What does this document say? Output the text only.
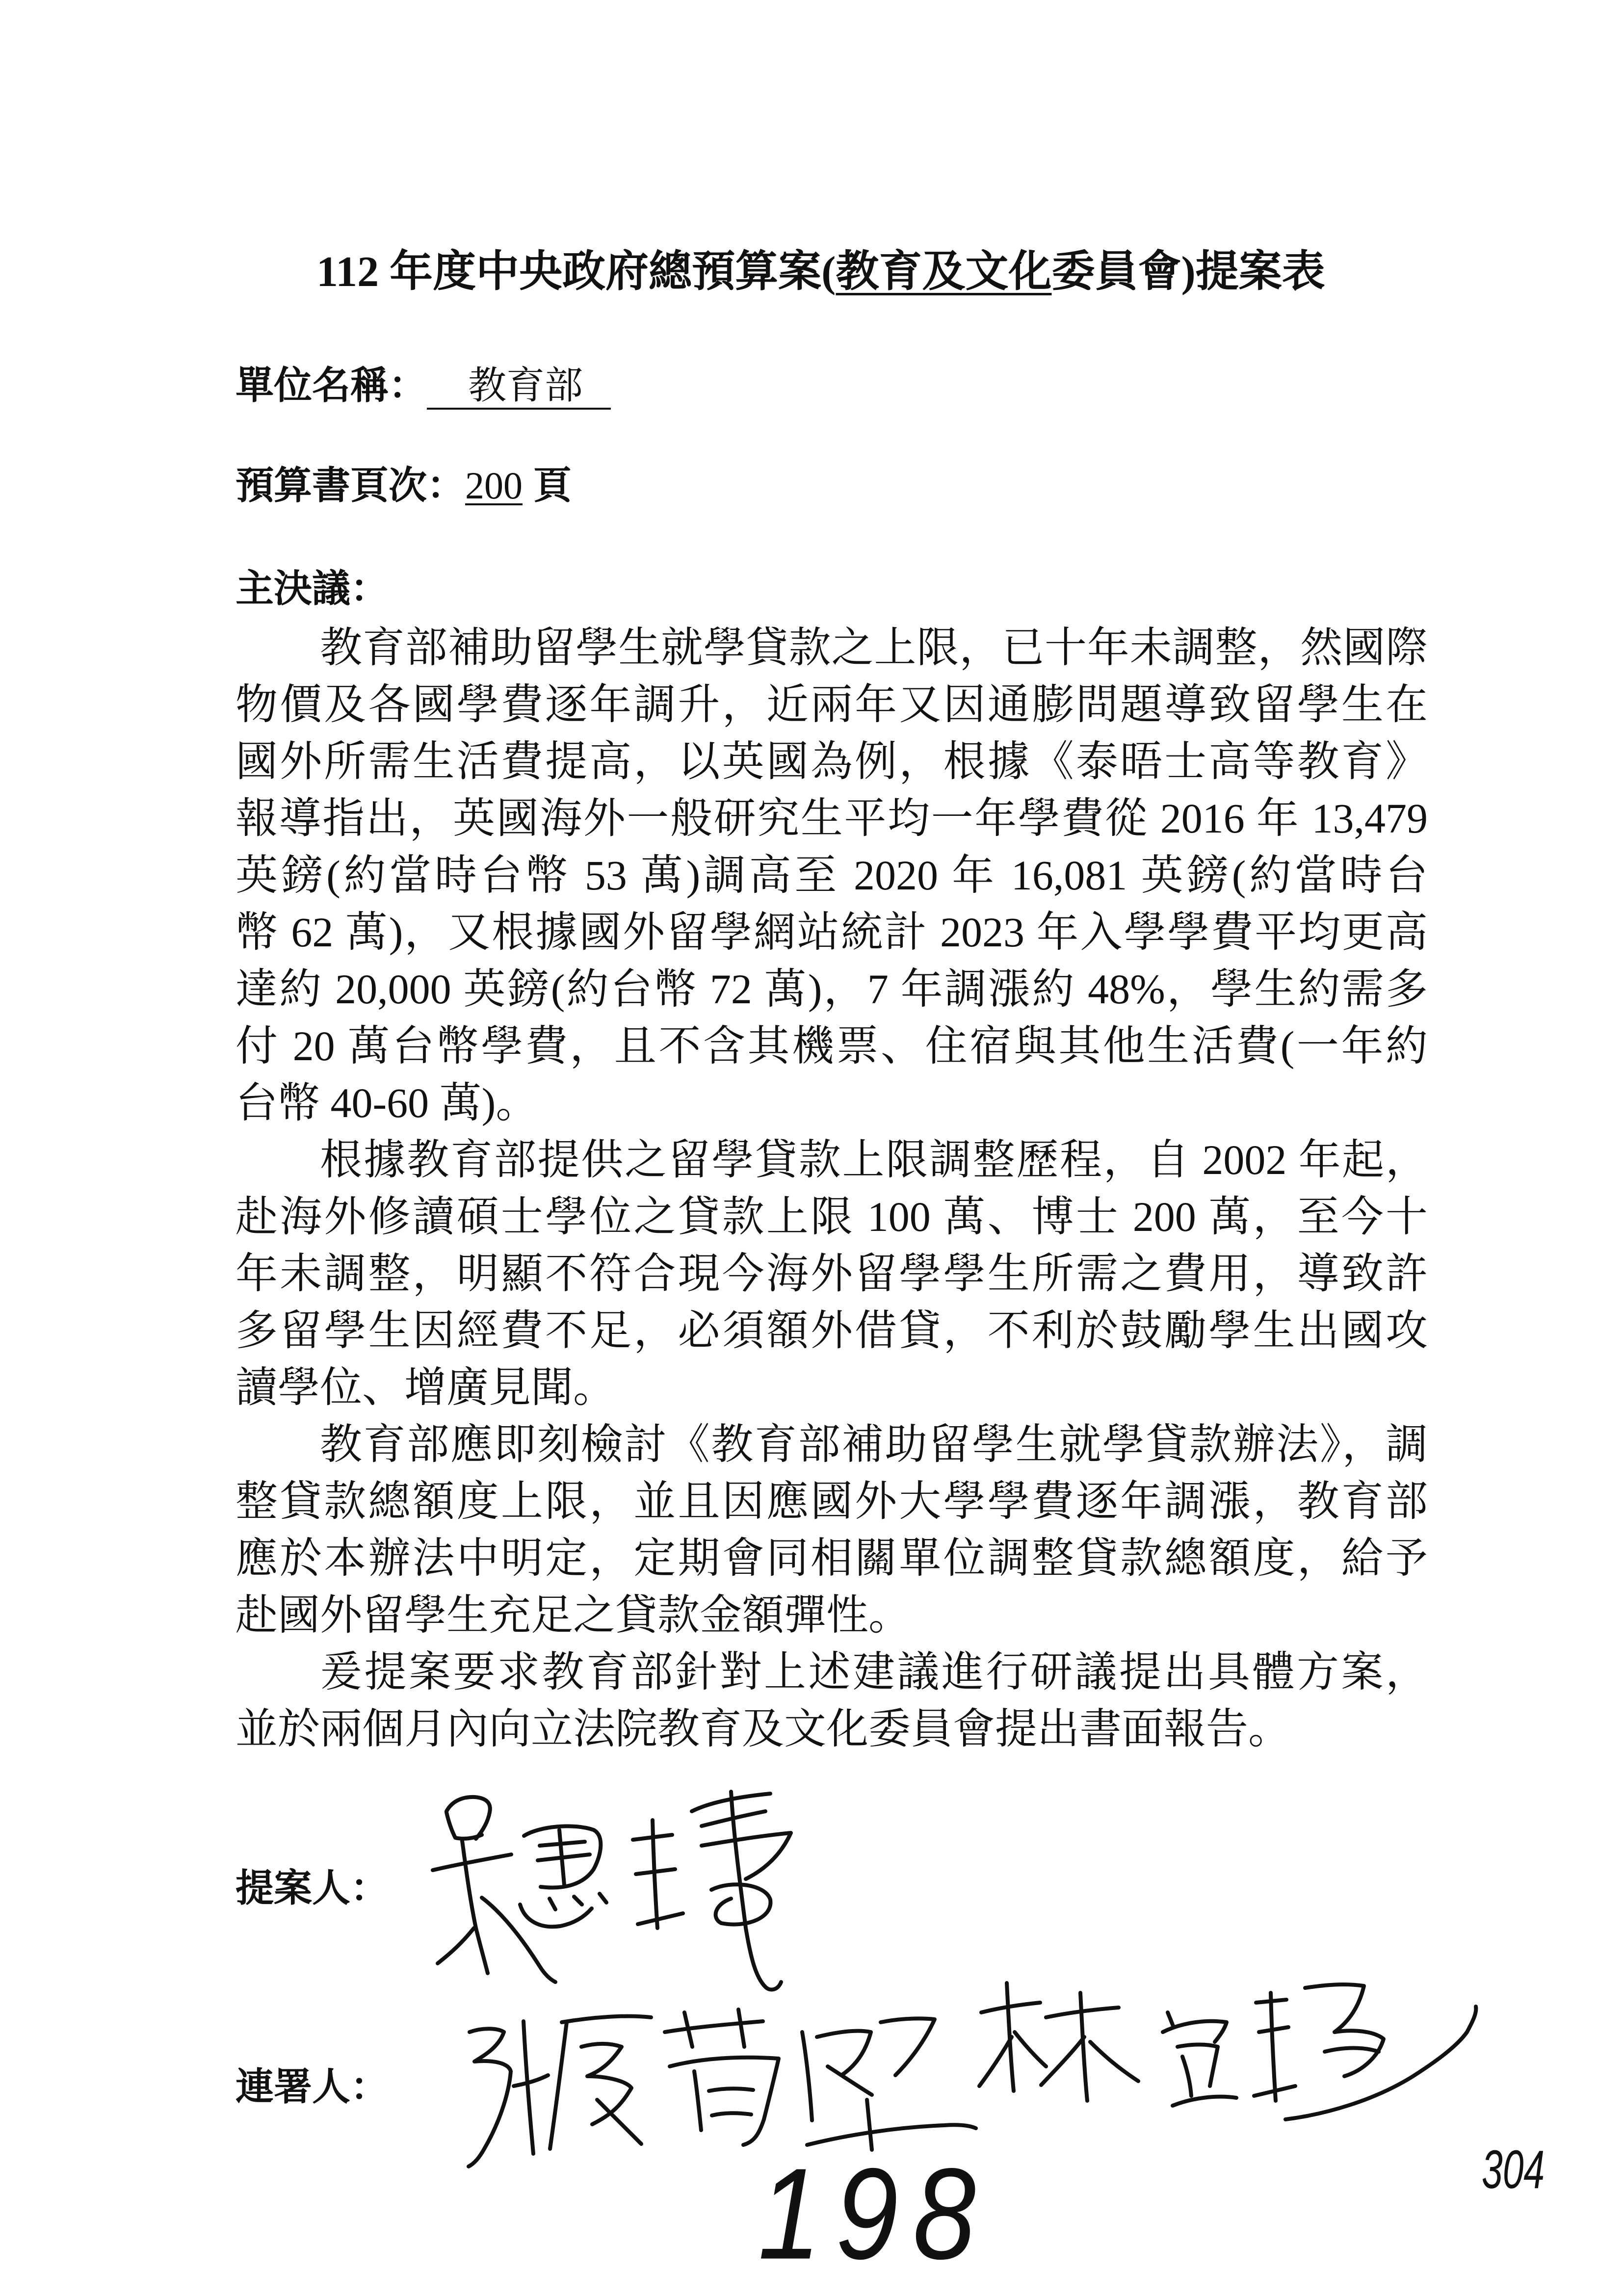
112 年度中央政府總預算案(教育及文化委員會)提案表
單位名稱： 教育部
預算書頁次：200 頁
主決議：
教育部補助留學生就學貸款之上限，已十年未調整，然國際
物價及各國學費逐年調升，近兩年又因通膨問題導致留學生在
國外所需生活費提高，以英國為例，根據《泰晤士高等教育》
報導指出，英國海外一般研究生平均一年學費從 2016 年 13,479
英鎊(約當時台幣 53 萬)調高至 2020 年 16,081 英鎊(約當時台
幣 62 萬)，又根據國外留學網站統計 2023 年入學學費平均更高
達約 20,000 英鎊(約台幣 72 萬)，7 年調漲約 48%，學生約需多
付 20 萬台幣學費，且不含其機票、住宿與其他生活費(一年約
台幣 40-60 萬)。
根據教育部提供之留學貸款上限調整歷程，自 2002 年起，
赴海外修讀碩士學位之貸款上限 100 萬、博士 200 萬，至今十
年未調整，明顯不符合現今海外留學學生所需之費用，導致許
多留學生因經費不足，必須額外借貸，不利於鼓勵學生出國攻
讀學位、增廣見聞。
教育部應即刻檢討《教育部補助留學生就學貸款辦法》，調
整貸款總額度上限，並且因應國外大學學費逐年調漲，教育部
應於本辦法中明定，定期會同相關單位調整貸款總額度，給予
赴國外留學生充足之貸款金額彈性。
爰提案要求教育部針對上述建議進行研議提出具體方案，
並於兩個月內向立法院教育及文化委員會提出書面報告。
提案人：
連署人：
304
198
